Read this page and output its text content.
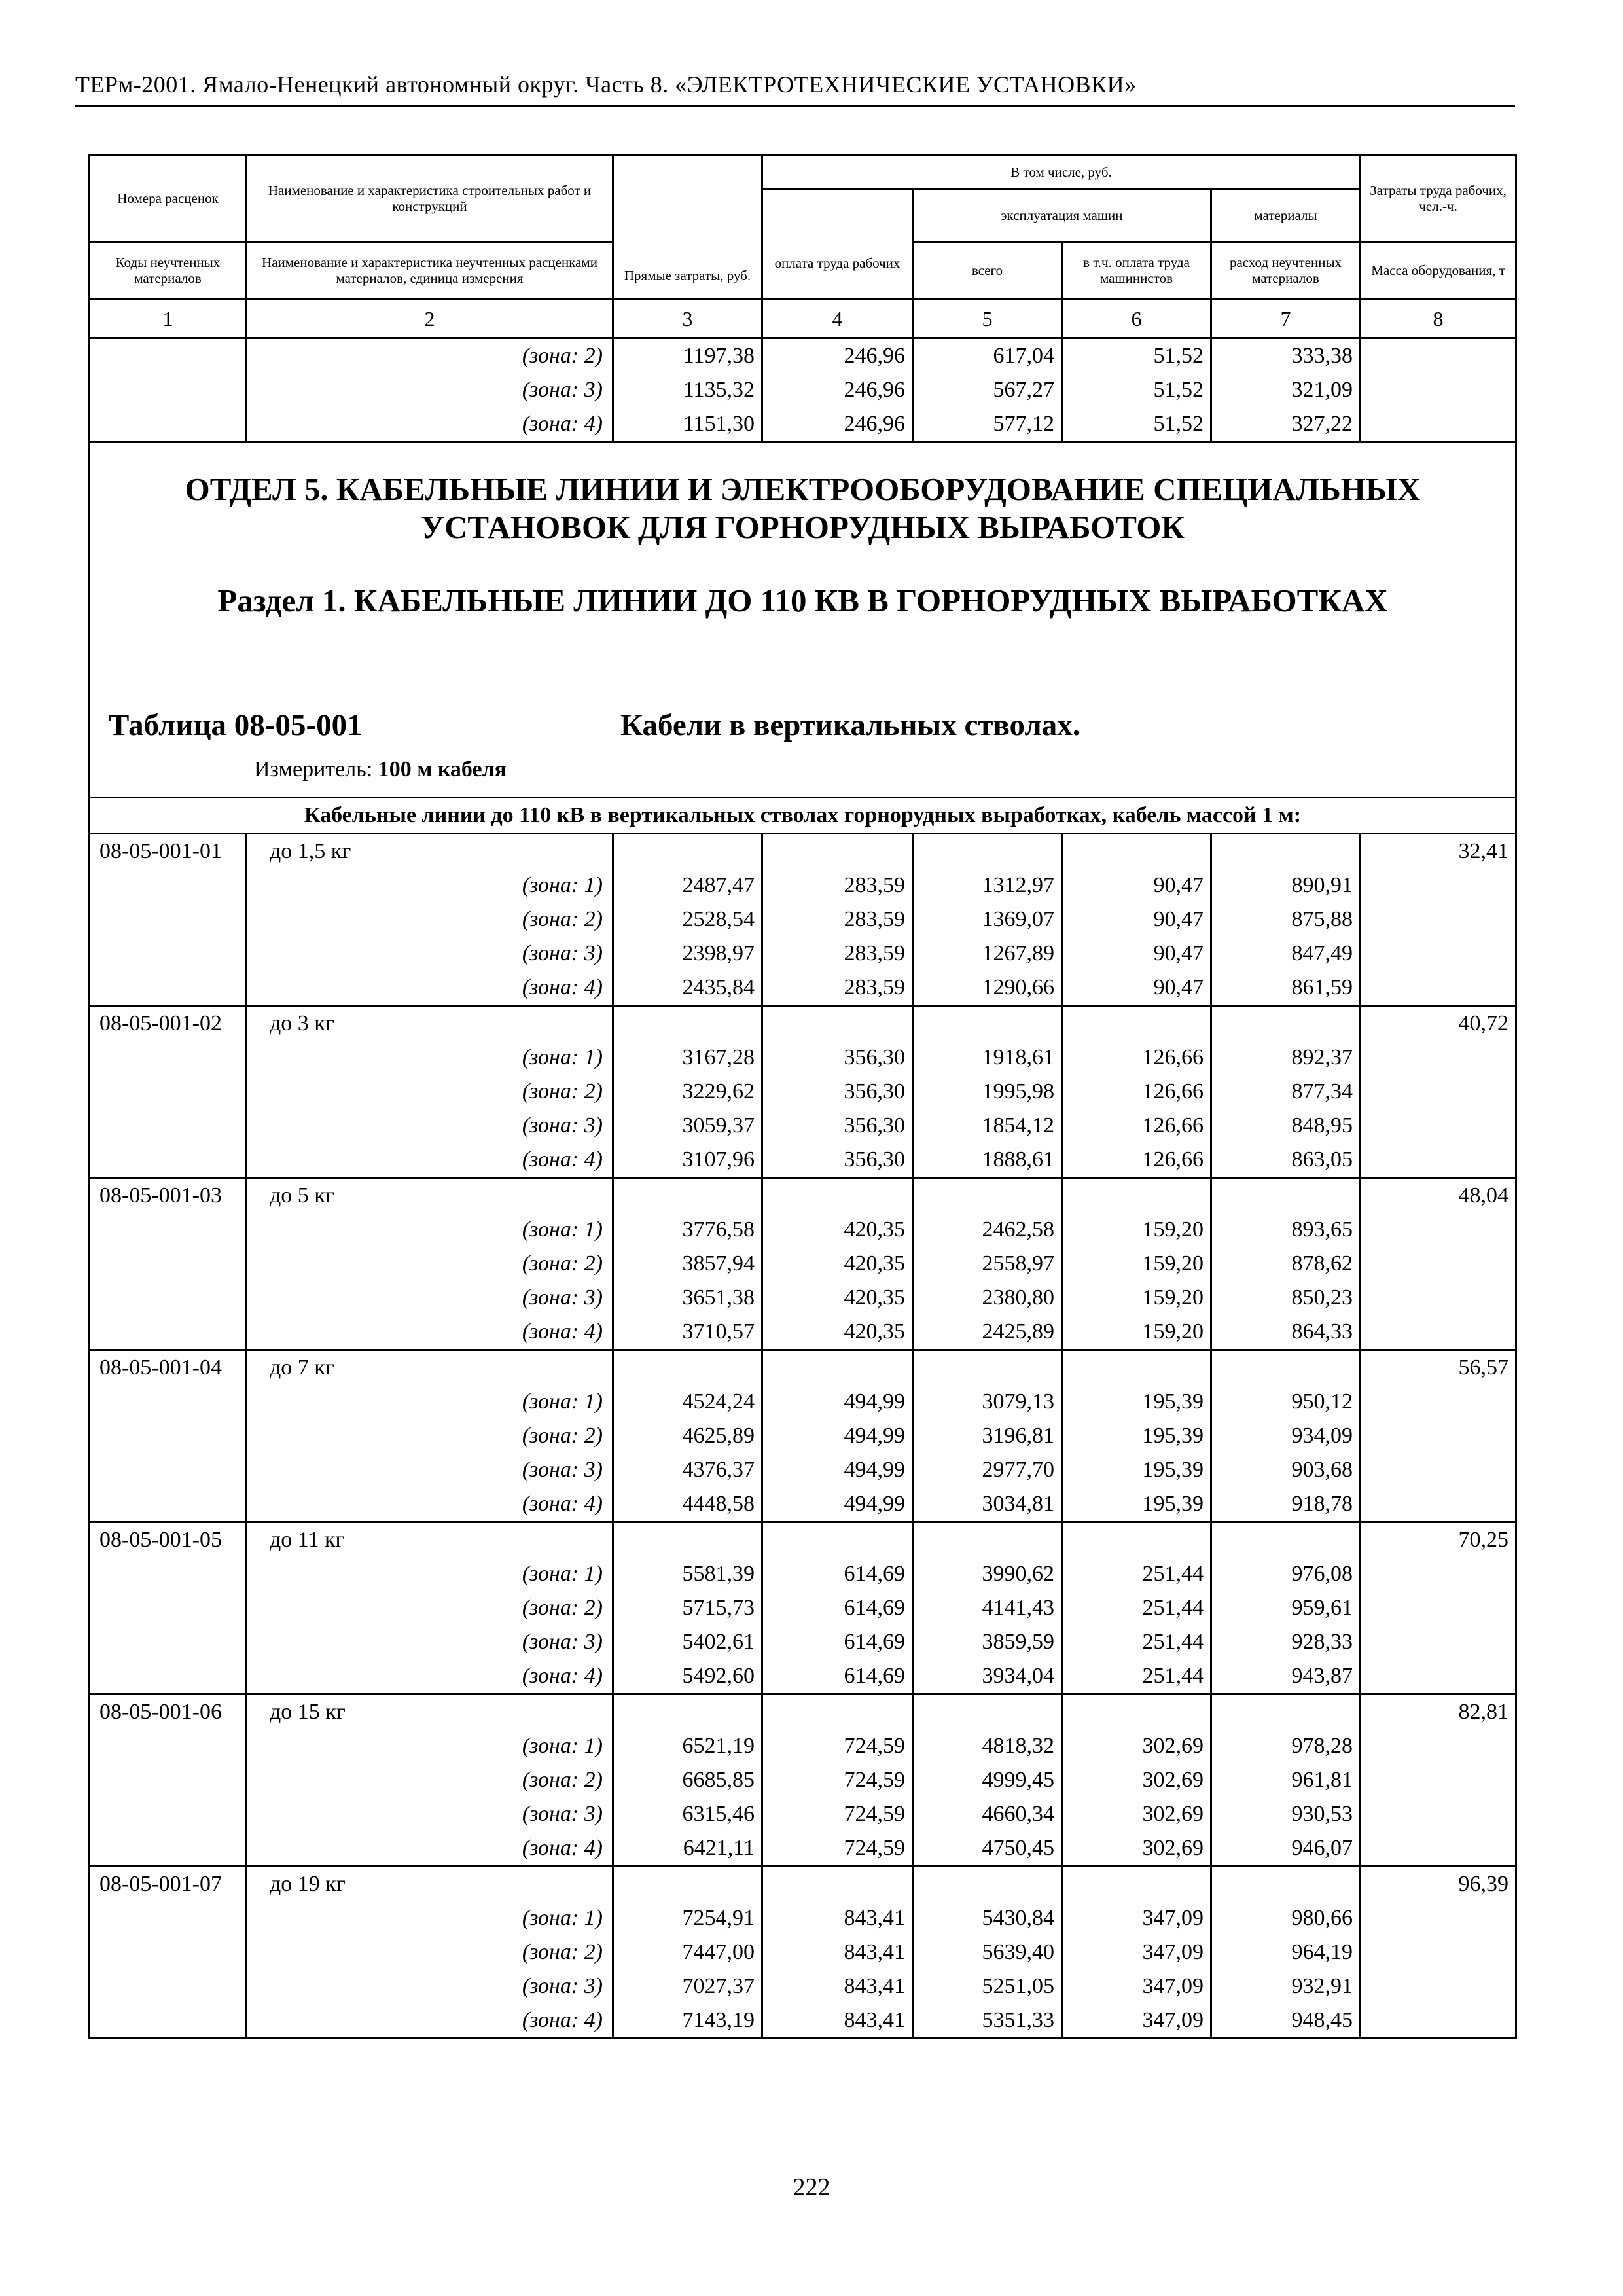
ТЕРм-2001. Ямало-Ненецкий автономный округ. Часть 8. «ЭЛЕКТРОТЕХНИЧЕСКИЕ УСТАНОВКИ»
Номера расценок	Наименование и характеристика строительных работ и конструкций	Прямые затраты, руб.	В том числе, руб.				Затраты труда рабочих, чел.-ч.
			оплата труда рабочих	эксплуатация машин		материалы	

Коды неучтенных материалов	Наименование и характеристика неучтенных расценками материалов, единица измерения			всего	в т.ч. оплата труда машинистов	расход неучтенных материалов	Масса оборудования, т

1	2	3	4	5	6	7	8
	(зона: 2)	1197,38	246,96	617,04	51,52	333,38	
	(зона: 3)	1135,32	246,96	567,27	51,52	321,09	
	(зона: 4)	1151,30	246,96	577,12	51,52	327,22	

ОТДЕЛ 5. КАБЕЛЬНЫЕ ЛИНИИ И ЭЛЕКТРООБОРУДОВАНИЕ СПЕЦИАЛЬНЫХ УСТАНОВОК ДЛЯ ГОРНОРУДНЫХ ВЫРАБОТОК
Раздел 1. КАБЕЛЬНЫЕ ЛИНИИ ДО 110 КВ В ГОРНОРУДНЫХ ВЫРАБОТКАХ
Таблица 08-05-001 Кабели в вертикальных стволах.
Измеритель: 100 м кабеля							

Кабельные линии до 110 кВ в вертикальных стволах горнорудных выработках, кабель массой 1 м:							
08-05-001-01	до 1,5 кг						32,41
	(зона: 1)	2487,47	283,59	1312,97	90,47	890,91	
	(зона: 2)	2528,54	283,59	1369,07	90,47	875,88	
	(зона: 3)	2398,97	283,59	1267,89	90,47	847,49	
	(зона: 4)	2435,84	283,59	1290,66	90,47	861,59	
08-05-001-02	до 3 кг						40,72
	(зона: 1)	3167,28	356,30	1918,61	126,66	892,37	
	(зона: 2)	3229,62	356,30	1995,98	126,66	877,34	
	(зона: 3)	3059,37	356,30	1854,12	126,66	848,95	
	(зона: 4)	3107,96	356,30	1888,61	126,66	863,05	
08-05-001-03	до 5 кг						48,04
	(зона: 1)	3776,58	420,35	2462,58	159,20	893,65	
	(зона: 2)	3857,94	420,35	2558,97	159,20	878,62	
	(зона: 3)	3651,38	420,35	2380,80	159,20	850,23	
	(зона: 4)	3710,57	420,35	2425,89	159,20	864,33	
08-05-001-04	до 7 кг						56,57
	(зона: 1)	4524,24	494,99	3079,13	195,39	950,12	
	(зона: 2)	4625,89	494,99	3196,81	195,39	934,09	
	(зона: 3)	4376,37	494,99	2977,70	195,39	903,68	
	(зона: 4)	4448,58	494,99	3034,81	195,39	918,78	
08-05-001-05	до 11 кг						70,25
	(зона: 1)	5581,39	614,69	3990,62	251,44	976,08	
	(зона: 2)	5715,73	614,69	4141,43	251,44	959,61	
	(зона: 3)	5402,61	614,69	3859,59	251,44	928,33	
	(зона: 4)	5492,60	614,69	3934,04	251,44	943,87	
08-05-001-06	до 15 кг						82,81
	(зона: 1)	6521,19	724,59	4818,32	302,69	978,28	
	(зона: 2)	6685,85	724,59	4999,45	302,69	961,81	
	(зона: 3)	6315,46	724,59	4660,34	302,69	930,53	
	(зона: 4)	6421,11	724,59	4750,45	302,69	946,07	
08-05-001-07	до 19 кг						96,39
	(зона: 1)	7254,91	843,41	5430,84	347,09	980,66	
	(зона: 2)	7447,00	843,41	5639,40	347,09	964,19	
	(зона: 3)	7027,37	843,41	5251,05	347,09	932,91	
	(зона: 4)	7143,19	843,41	5351,33	347,09	948,45	
222
